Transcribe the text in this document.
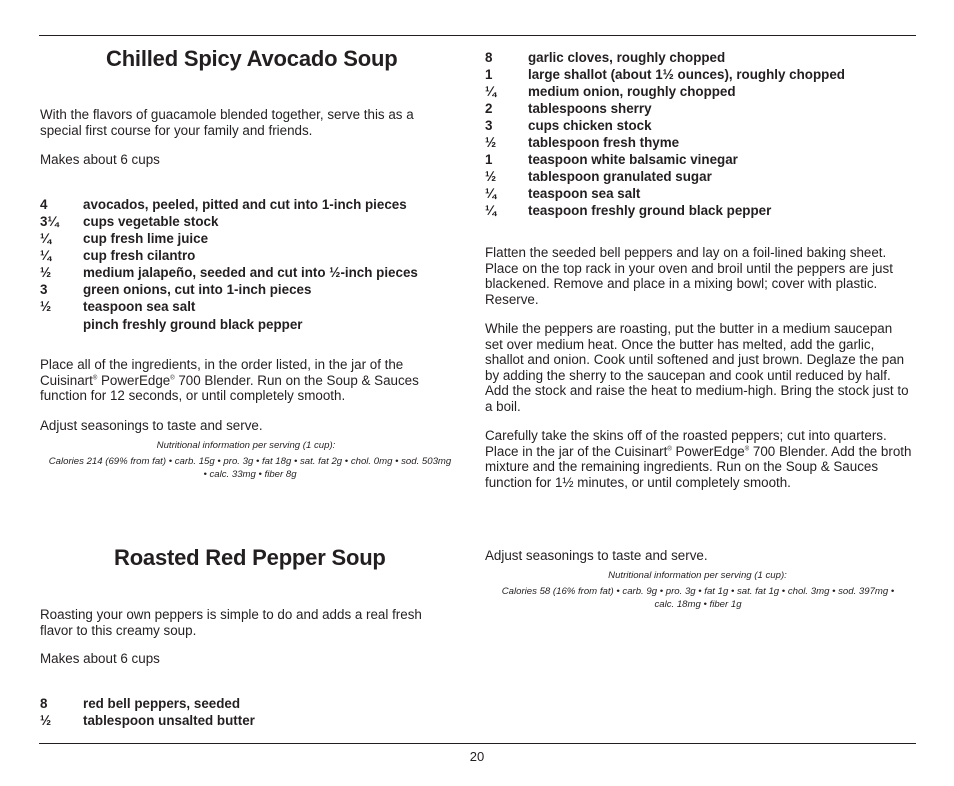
Chilled Spicy Avocado Soup

With the flavors of guacamole blended together, serve this as a special first course for your family and friends.

Makes about 6 cups

4	avocados, peeled, pitted and cut into 1-inch pieces
3¼	cups vegetable stock
¼	cup fresh lime juice
¼	cup fresh cilantro
½	medium jalapeño, seeded and cut into ½-inch pieces
3	green onions, cut into 1-inch pieces
½	teaspoon sea salt
pinch freshly ground black pepper

Place all of the ingredients, in the order listed, in the jar of the Cuisinart® PowerEdge® 700 Blender. Run on the Soup & Sauces function for 12 seconds, or until completely smooth.

Adjust seasonings to taste and serve.

Nutritional information per serving (1 cup):

Calories 214 (69% from fat) • carb. 15g • pro. 3g • fat 18g • sat. fat 2g • chol. 0mg • sod. 503mg • calc. 33mg • fiber 8g

Roasted Red Pepper Soup

Roasting your own peppers is simple to do and adds a real fresh flavor to this creamy soup.

Makes about 6 cups

8	red bell peppers, seeded
½	tablespoon unsalted butter
8	garlic cloves, roughly chopped
1	large shallot (about 1½ ounces), roughly chopped
¼	medium onion, roughly chopped
2	tablespoons sherry
3	cups chicken stock
½	tablespoon fresh thyme
1	teaspoon white balsamic vinegar
½	tablespoon granulated sugar
¼	teaspoon sea salt
¼	teaspoon freshly ground black pepper

Flatten the seeded bell peppers and lay on a foil-lined baking sheet. Place on the top rack in your oven and broil until the peppers are just blackened. Remove and place in a mixing bowl; cover with plastic. Reserve.

While the peppers are roasting, put the butter in a medium saucepan set over medium heat. Once the butter has melted, add the garlic, shallot and onion. Cook until softened and just brown. Deglaze the pan by adding the sherry to the saucepan and cook until reduced by half. Add the stock and raise the heat to medium-high. Bring the stock just to a boil.

Carefully take the skins off of the roasted peppers; cut into quarters. Place in the jar of the Cuisinart® PowerEdge® 700 Blender. Add the broth mixture and the remaining ingredients. Run on the Soup & Sauces function for 1½ minutes, or until completely smooth.

Adjust seasonings to taste and serve.

Nutritional information per serving (1 cup):

Calories 58 (16% from fat) • carb. 9g • pro. 3g • fat 1g • sat. fat 1g • chol. 3mg • sod. 397mg • calc. 18mg • fiber 1g

20
